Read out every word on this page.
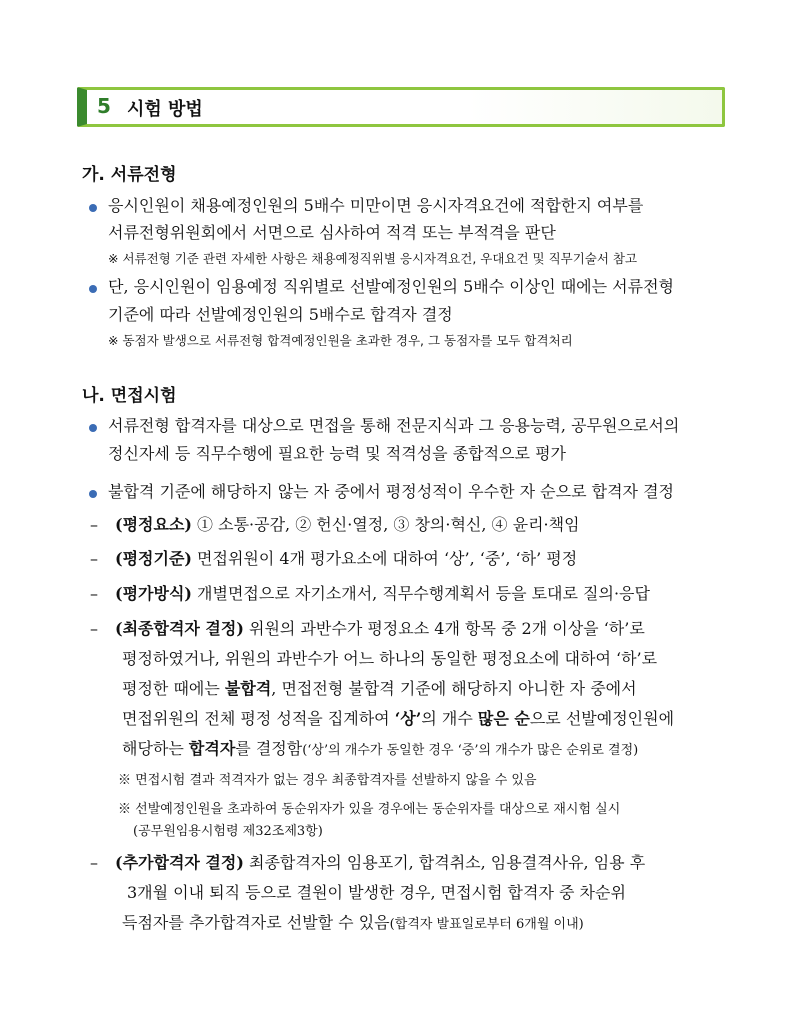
5 시험 방법
가. 서류전형
응시인원이 채용예정인원의 5배수 미만이면 응시자격요건에 적합한지 여부를
서류전형위원회에서 서면으로 심사하여 적격 또는 부적격을 판단
※ 서류전형 기준 관련 자세한 사항은 채용예정직위별 응시자격요건, 우대요건 및 직무기술서 참고
단, 응시인원이 임용예정 직위별로 선발예정인원의 5배수 이상인 때에는 서류전형
기준에 따라 선발예정인원의 5배수로 합격자 결정
※ 동점자 발생으로 서류전형 합격예정인원을 초과한 경우, 그 동점자를 모두 합격처리
나. 면접시험
서류전형 합격자를 대상으로 면접을 통해 전문지식과 그 응용능력, 공무원으로서의
정신자세 등 직무수행에 필요한 능력 및 적격성을 종합적으로 평가
불합격 기준에 해당하지 않는 자 중에서 평정성적이 우수한 자 순으로 합격자 결정
– (평정요소) ① 소통·공감, ② 헌신·열정, ③ 창의·혁신, ④ 윤리·책임
– (평정기준) 면접위원이 4개 평가요소에 대하여 ‘상’, ‘중’, ‘하’ 평정
– (평가방식) 개별면접으로 자기소개서, 직무수행계획서 등을 토대로 질의·응답
– (최종합격자 결정) 위원의 과반수가 평정요소 4개 항목 중 2개 이상을 ‘하’로
평정하였거나, 위원의 과반수가 어느 하나의 동일한 평정요소에 대하여 ‘하’로
평정한 때에는 불합격, 면접전형 불합격 기준에 해당하지 아니한 자 중에서
면접위원의 전체 평정 성적을 집계하여 ‘상’의 개수 많은 순으로 선발예정인원에
해당하는 합격자를 결정함(‘상’의 개수가 동일한 경우 ‘중’의 개수가 많은 순위로 결정)
※ 면접시험 결과 적격자가 없는 경우 최종합격자를 선발하지 않을 수 있음
※ 선발예정인원을 초과하여 동순위자가 있을 경우에는 동순위자를 대상으로 재시험 실시
(공무원임용시험령 제32조제3항)
– (추가합격자 결정) 최종합격자의 임용포기, 합격취소, 임용결격사유, 임용 후
3개월 이내 퇴직 등으로 결원이 발생한 경우, 면접시험 합격자 중 차순위
득점자를 추가합격자로 선발할 수 있음(합격자 발표일로부터 6개월 이내)
